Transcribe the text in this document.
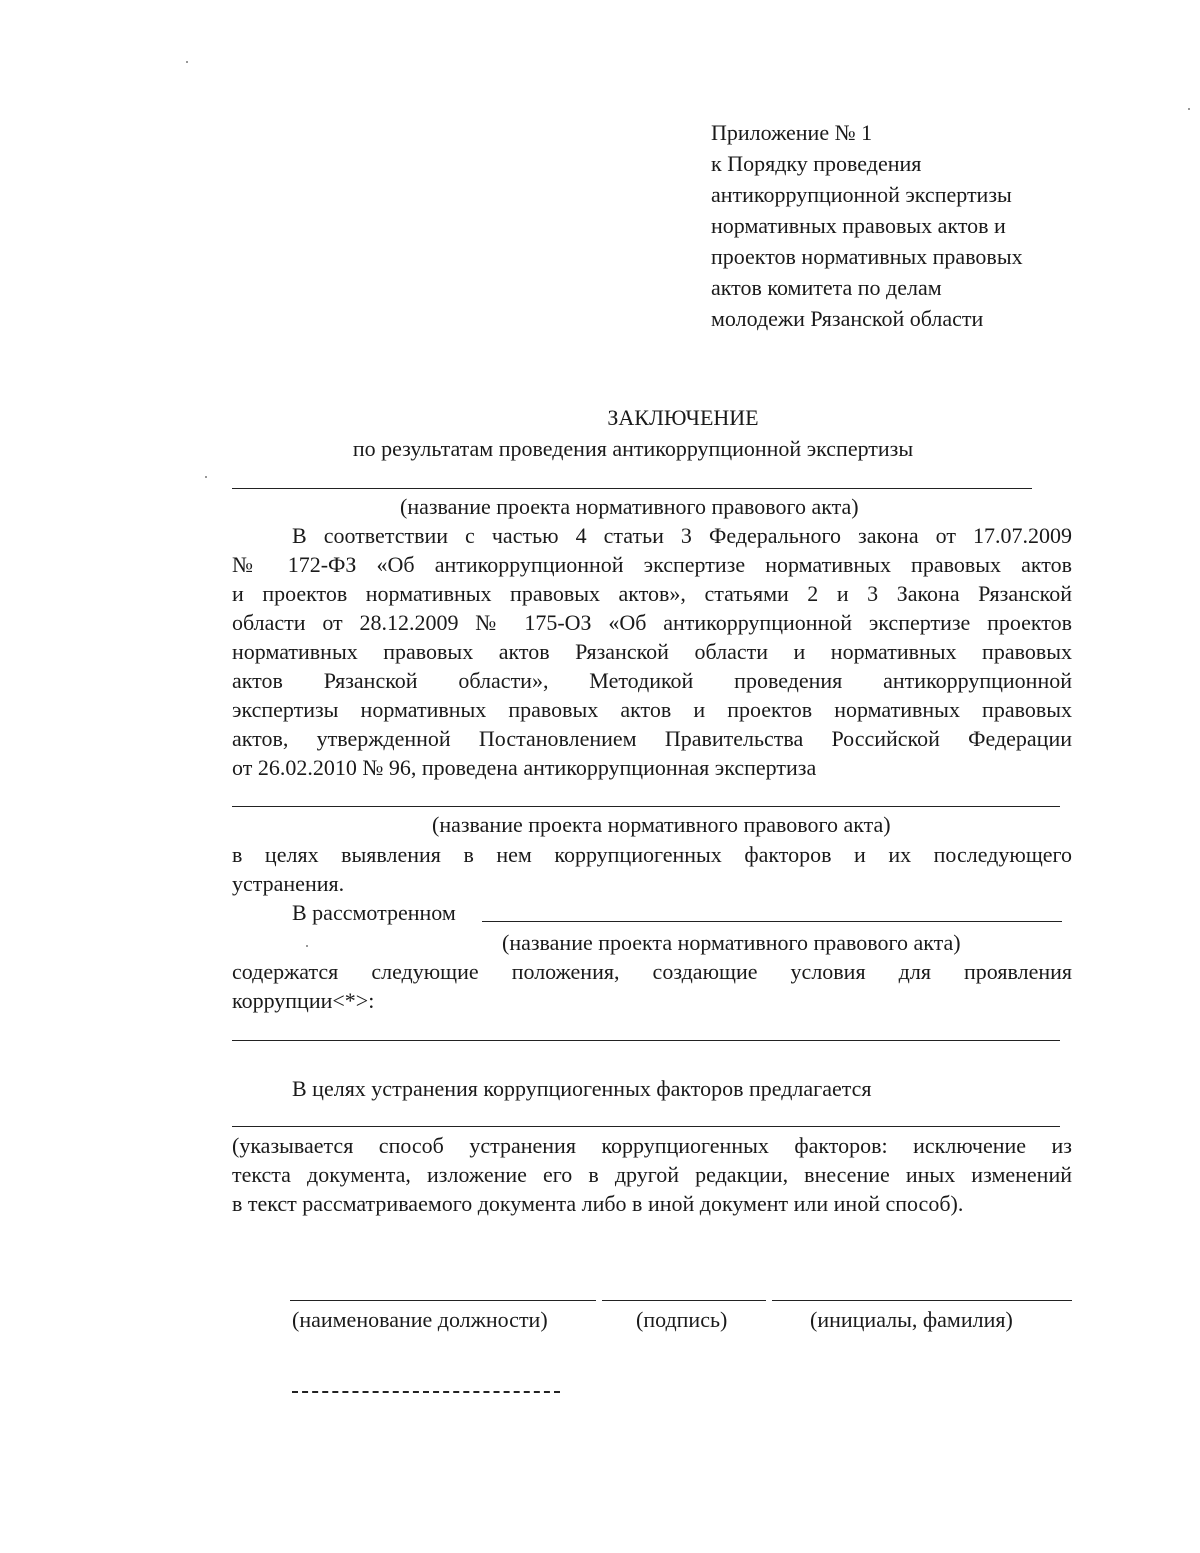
Приложение № 1
к Порядку проведения
антикоррупционной экспертизы
нормативных правовых актов и
проектов нормативных правовых
актов комитета по делам
молодежи Рязанской области
ЗАКЛЮЧЕНИЕ
по результатам проведения антикоррупционной экспертизы
(название проекта нормативного правового акта)
В соответствии с частью 4 статьи 3 Федерального закона от 17.07.2009
№ 172-ФЗ «Об антикоррупционной экспертизе нормативных правовых актов
и проектов нормативных правовых актов», статьями 2 и 3 Закона Рязанской
области от 28.12.2009 № 175-ОЗ «Об антикоррупционной экспертизе проектов
нормативных правовых актов Рязанской области и нормативных правовых
актов Рязанской области», Методикой проведения антикоррупционной
экспертизы нормативных правовых актов и проектов нормативных правовых
актов, утвержденной Постановлением Правительства Российской Федерации
от 26.02.2010 № 96, проведена антикоррупционная экспертиза
(название проекта нормативного правового акта)
в целях выявления в нем коррупциогенных факторов и их последующего
устранения.
В рассмотренном
(название проекта нормативного правового акта)
содержатся следующие положения, создающие условия для проявления
коррупции<*>:
В целях устранения коррупциогенных факторов предлагается
(указывается способ устранения коррупциогенных факторов: исключение из
текста документа, изложение его в другой редакции, внесение иных изменений
в текст рассматриваемого документа либо в иной документ или иной способ).
(наименование должности)	(подпись)	(инициалы, фамилия)
